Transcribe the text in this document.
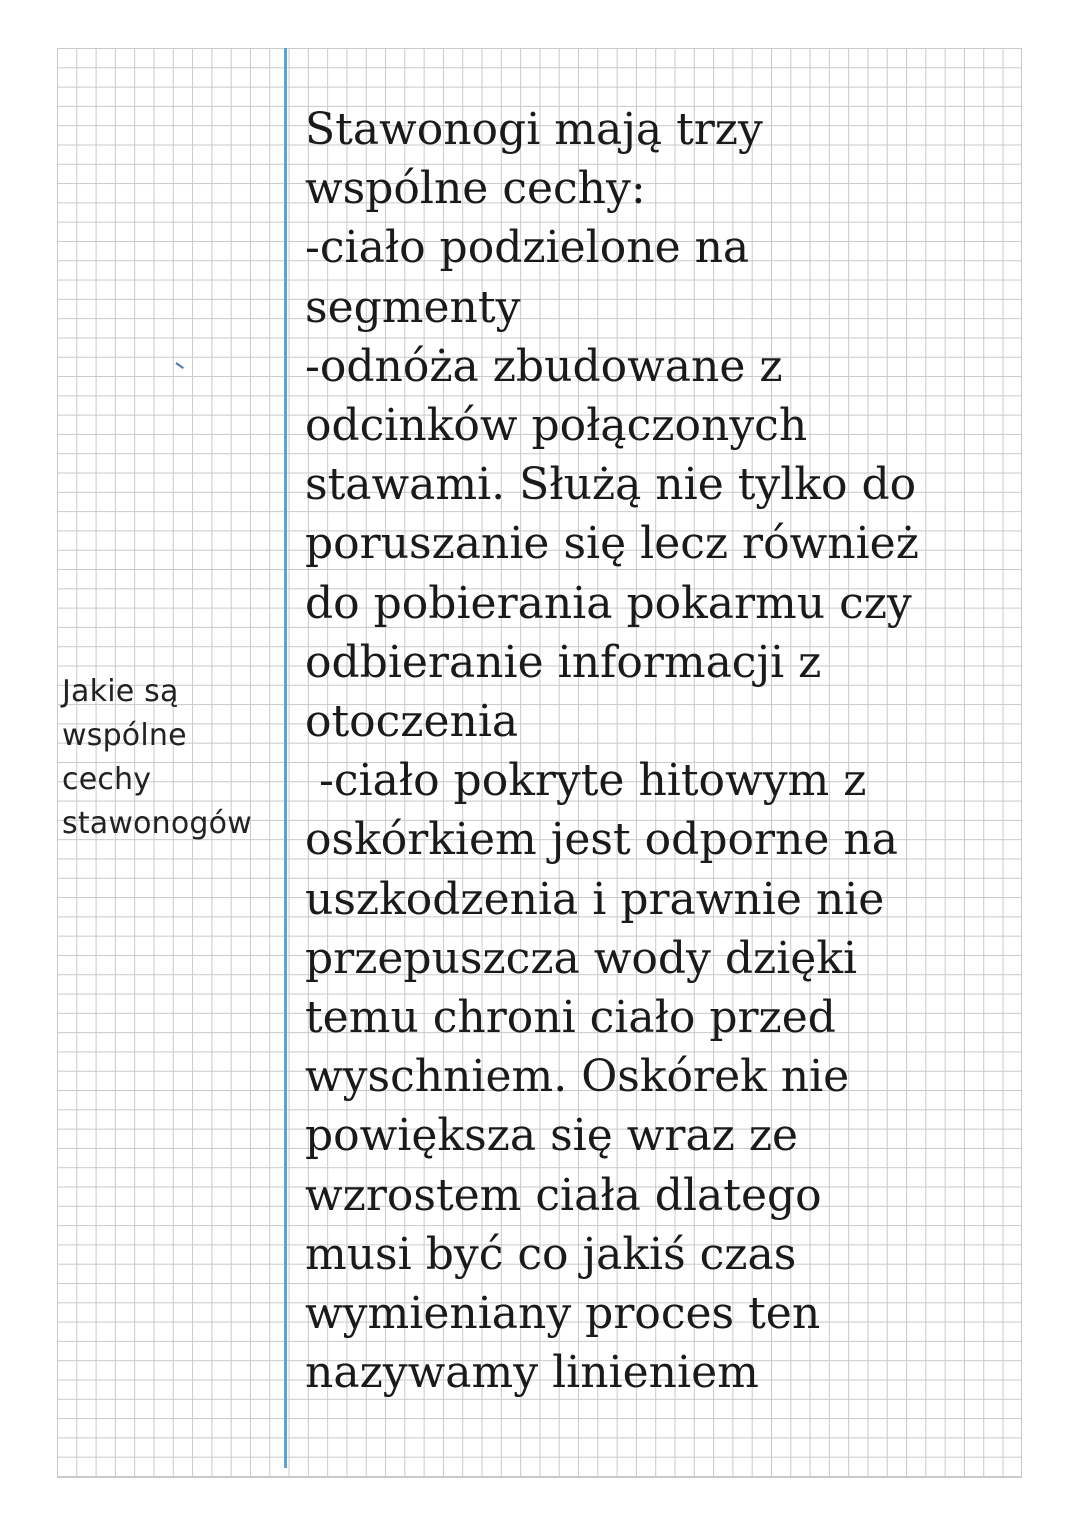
Jakie są
wspólne
cechy
stawonogów
Stawonogi mają trzy
wspólne cechy:
-ciało podzielone na
segmenty
-odnóża zbudowane z
odcinków połączonych
stawami. Służą nie tylko do
poruszanie się lecz również
do pobierania pokarmu czy
odbieranie informacji z
otoczenia
-ciało pokryte hitowym z
oskórkiem jest odporne na
uszkodzenia i prawnie nie
przepuszcza wody dzięki
temu chroni ciało przed
wyschniem. Oskórek nie
powiększa się wraz ze
wzrostem ciała dlatego
musi być co jakiś czas
wymieniany proces ten
nazywamy linieniem
